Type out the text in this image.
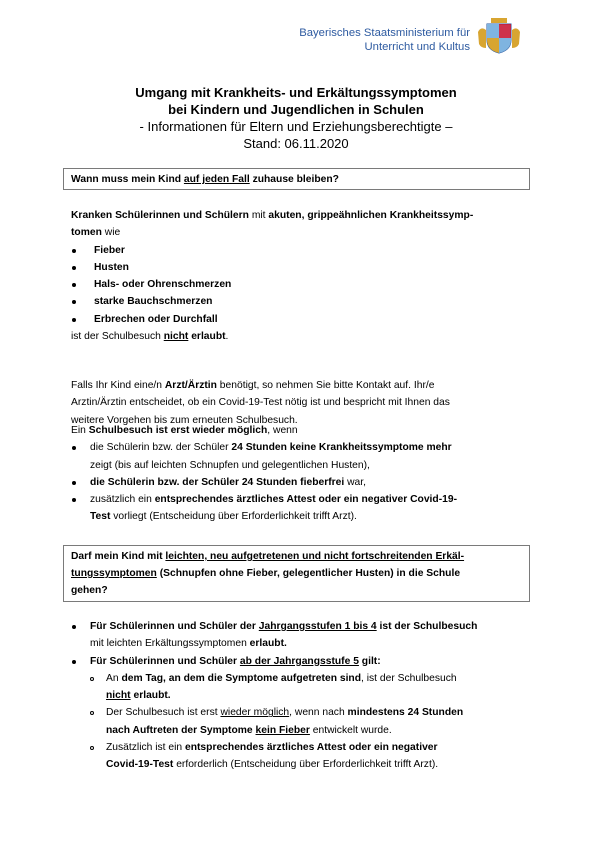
Bayerisches Staatsministerium für
Unterricht und Kultus
Umgang mit Krankheits- und Erkältungssymptomen
bei Kindern und Jugendlichen in Schulen
- Informationen für Eltern und Erziehungsberechtigte –
Stand: 06.11.2020
Wann muss mein Kind auf jeden Fall zuhause bleiben?
Kranken Schülerinnen und Schülern mit akuten, grippeähnlichen Krankheitssymp-
tomen wie
Fieber
Husten
Hals- oder Ohrenschmerzen
starke Bauchschmerzen
Erbrechen oder Durchfall
ist der Schulbesuch nicht erlaubt.
Falls Ihr Kind eine/n Arzt/Ärztin benötigt, so nehmen Sie bitte Kontakt auf. Ihr/e
Arztin/Ärztin entscheidet, ob ein Covid-19-Test nötig ist und bespricht mit Ihnen das
weitere Vorgehen bis zum erneuten Schulbesuch.
Ein Schulbesuch ist erst wieder möglich, wenn
die Schülerin bzw. der Schüler 24 Stunden keine Krankheitssymptome mehr
zeigt (bis auf leichten Schnupfen und gelegentlichen Husten),
die Schülerin bzw. der Schüler 24 Stunden fieberfrei war,
zusätzlich ein entsprechendes ärztliches Attest oder ein negativer Covid-19-
Test vorliegt (Entscheidung über Erforderlichkeit trifft Arzt).
Darf mein Kind mit leichten, neu aufgetretenen und nicht fortschreitenden Erkäl-
tungssymptomen (Schnupfen ohne Fieber, gelegentlicher Husten) in die Schule
gehen?
Für Schülerinnen und Schüler der Jahrgangsstufen 1 bis 4 ist der Schulbesuch
mit leichten Erkältungssymptomen erlaubt.
Für Schülerinnen und Schüler ab der Jahrgangsstufe 5 gilt:
An dem Tag, an dem die Symptome aufgetreten sind, ist der Schulbesuch
nicht erlaubt.
Der Schulbesuch ist erst wieder möglich, wenn nach mindestens 24 Stunden
nach Auftreten der Symptome kein Fieber entwickelt wurde.
Zusätzlich ist ein entsprechendes ärztliches Attest oder ein negativer
Covid-19-Test erforderlich (Entscheidung über Erforderlichkeit trifft Arzt).
